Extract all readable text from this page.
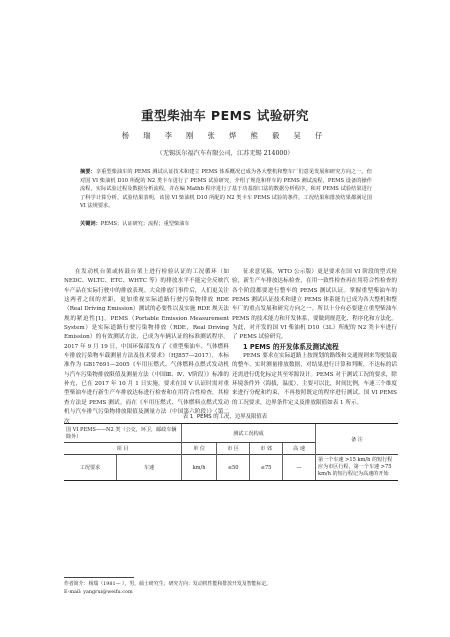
重型柴油车 PEMS 试验研究
杨 瑞 李 刚 张 烨 熊 毅 吴 仔
（无锡沃尔福汽车有限公司，江苏无锡 214000）
摘要：享重型柴油车的 PEMS 测试认证技术和建立 PEMS 体系概况已成为各大整机和整车厂们意见发展和研究方向之一。但对国 VI 柴油机 D10 所配的 N2 类卡车进行了 PEMS 试验研究，介绍了规范和样车的 PEMS 测试流程，PEMS 设备的操作流程，实际试验过程及数据分析流程，并在编 Mathb 程序进行了基于功基窗口法的数据分析程序，和对 PEMS 试验结果进行了科学计算分析。试验结果表明，该国 VI 柴油机 D10 所配的 N2 类卡车 PEMS 试验的条件，工况结果和排放结果都满足国 VI 法规要求。
关键词：PEMS；认证研究；流程；重型柴油车

在发动机台架或转鼓台架上进行检验认证的工况循环（如 NEDC、WLTC、ETC、WHTC 等）的排放水平不能完全反映汽车产品在实际行驶中的排放表现。大众排放门事件后，人们更关注这两者之间的差距，更加重视实际道路行驶污染物排放 RDE（Real Driving Emission）测试的必要性以及实施 RDE 规天法规的紧迫性[1]。PEMS（Portable Emission Measurement System）是实际道路行驶污染物排放（RDE，Real Driving Emission）的有效测试方法，已成为车辆认证的标准测试程序。2017 年 9 月 19 日，中国环保部发布了《重型柴油车、气体燃料车排放污染物车载测量方法及技术要求》（HJ857—2017），本标准作为 GB17691—2005《车用压燃式、气体燃料点燃式发动机与汽车污染物排放限值及测量方法（中国Ⅲ、Ⅳ、Ⅴ阶段）》标准的补充，已在 2017 年 10 月 1 日实施，要求在国 V 认证时需对重型柴油车进行新生产车排放达标进行检查和在用符合性检查，其检查方法是 PEMS 测试。而在《车用压燃式、气体燃料点燃式发动机与汽车排气污染物排放限值及测量方法（中国第六阶段）》（第二次

征求意见稿，WTO 公示版）更是要求在国 VI 阶段的型式检验，新生产车排放达标检查，在用一致性检查再在用符合性检查的各个阶段都要进行整车的 PEMS 测试认证。掌握重型柴油车的 PEMS 测试认证技术和建立 PEMS 体系能力已成为各大整机和整车厂的重点发展和研究方向之一。所以十分有必要建立重型柴油车 PEMS 的技术能力和开发体系，要做到规范化、程序化和方法化。为此，对开发的国 VI 柴油机 D10（3L）所配的 N2 类卡车进行了 PEMS 试验研究。

1 PEMS 的开发体系及测试流程

PEMS 要求在实际道路上按规划的路线和交通规则来驾驶装载的整车，实时测量排放数据，对结果进行计算和判断，不达标的话还需进行优化标定其至零源设计。PEMS 对于测试工况的要求，除环境条件外（海拔，温度），主要可以比，时间比例，车速三个维度来进行分配和约束，不再按照既定的程序进行测试。国 VI PEMS 的工况要求，边界条件定义及排放限值如表 1 所示。

表 1 PEMS 的工况，边界及限值表
国 VI PEMS——N2 类（公交，环卫，邮政车辆除外）		测试工况构成				备 注
项 目		单 位	市 区	市 郊	高 速	
工况要求	车速	km/h	≤50	≤75	—	第一个车速 >15 km/h 的短行程应为市区行程，第一个车速 >75 km/h 的短行程记为高速的开始
作者简介：杨瑞（1981— ），男，硕士研究生；研究方向：发动机性能和排放开发及智能标定。
E-mail: yangrui@weifu.com
